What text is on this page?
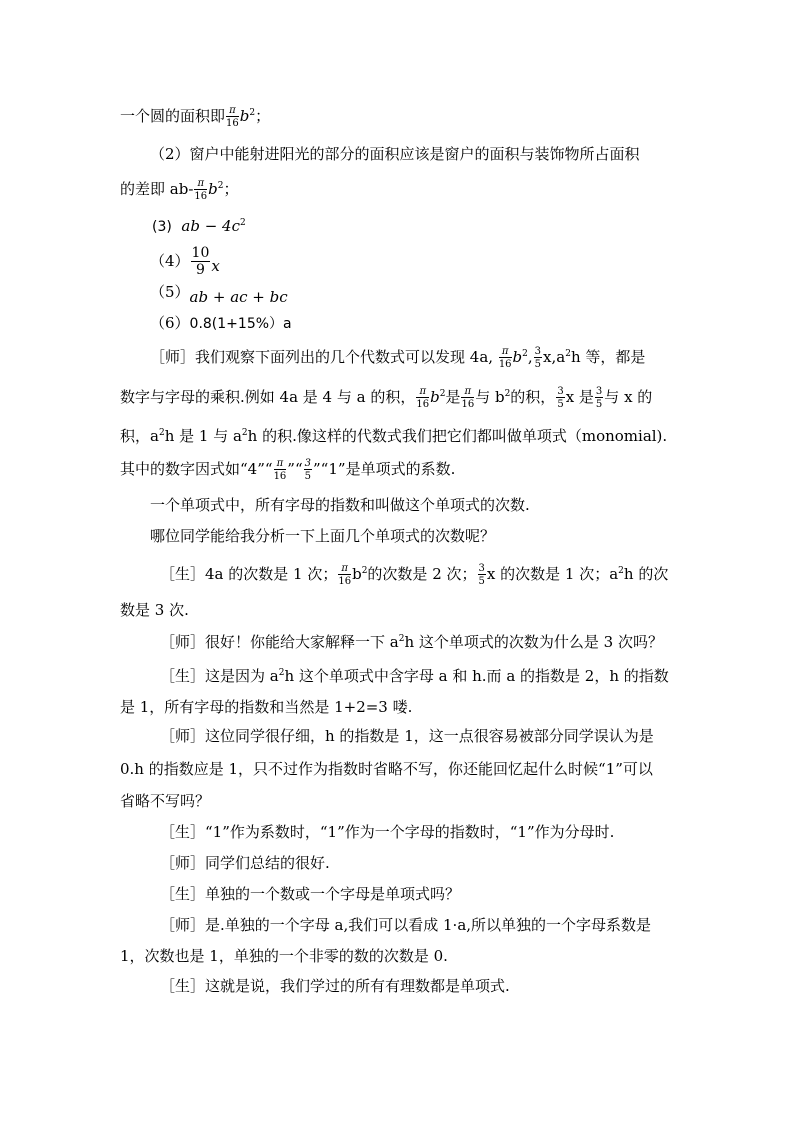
一个圆的面积即 $\frac{\pi}{16} b^2$；
（2）窗户中能射进阳光的部分的面积应该是窗户的面积与装饰物所占面积
的差即 $ab- \frac{\pi}{16} b^2$；
(3) ab − $4c^2$
$(4) \frac{10}{9}$ x
（5）ab + ac + bc
（6）0.8(1+15%）a
［师］我们观察下面列出的几个代数式可以发现 4a, $\frac{\pi}{16} b^2$, $\frac{3}{5} x,a^2h$ 等，都是
数字与字母的乘积.例如 4a 是 4 与 a 的积， $\frac{\pi}{16} b^2$是 $\frac{\pi}{16}$ 与 $b^2$的积， $\frac{3}{5}$ x 是 $\frac{3}{5}$ 与 x 的
积，$a^2h$ 是 1 与 $a^2h$ 的积.像这样的代数式我们把它们都叫做单项式（monomial).
其中的数字因式如“4”“ $\frac{\pi}{16}$ ”“ $\frac{3}{5}$ ”“1”是单项式的系数.
一个单项式中，所有字母的指数和叫做这个单项式的次数.
哪位同学能给我分析一下上面几个单项式的次数呢？
［生］4a 的次数是 1 次； $\frac{\pi}{16} b^2$的次数是 2 次； $\frac{3}{5}$ x 的次数是 1 次；$a^2h$ 的次
数是 3 次.
［师］很好！你能给大家解释一下 $a^2h$ 这个单项式的次数为什么是 3 次吗？
［生］这是因为 $a^2h$ 这个单项式中含字母 a 和 h.而 a 的指数是 2，h 的指数
是 1，所有字母的指数和当然是 1+2=3 喽.
［师］这位同学很仔细，h 的指数是 1，这一点很容易被部分同学误认为是
0.h 的指数应是 1，只不过作为指数时省略不写，你还能回忆起什么时候“1”可以
省略不写吗？
［生］“1”作为系数时，“1”作为一个字母的指数时，“1”作为分母时.
［师］同学们总结的很好.
［生］单独的一个数或一个字母是单项式吗？
［师］是.单独的一个字母 a,我们可以看成 1·a,所以单独的一个字母系数是
1，次数也是 1，单独的一个非零的数的次数是 0.
［生］这就是说，我们学过的所有有理数都是单项式.
